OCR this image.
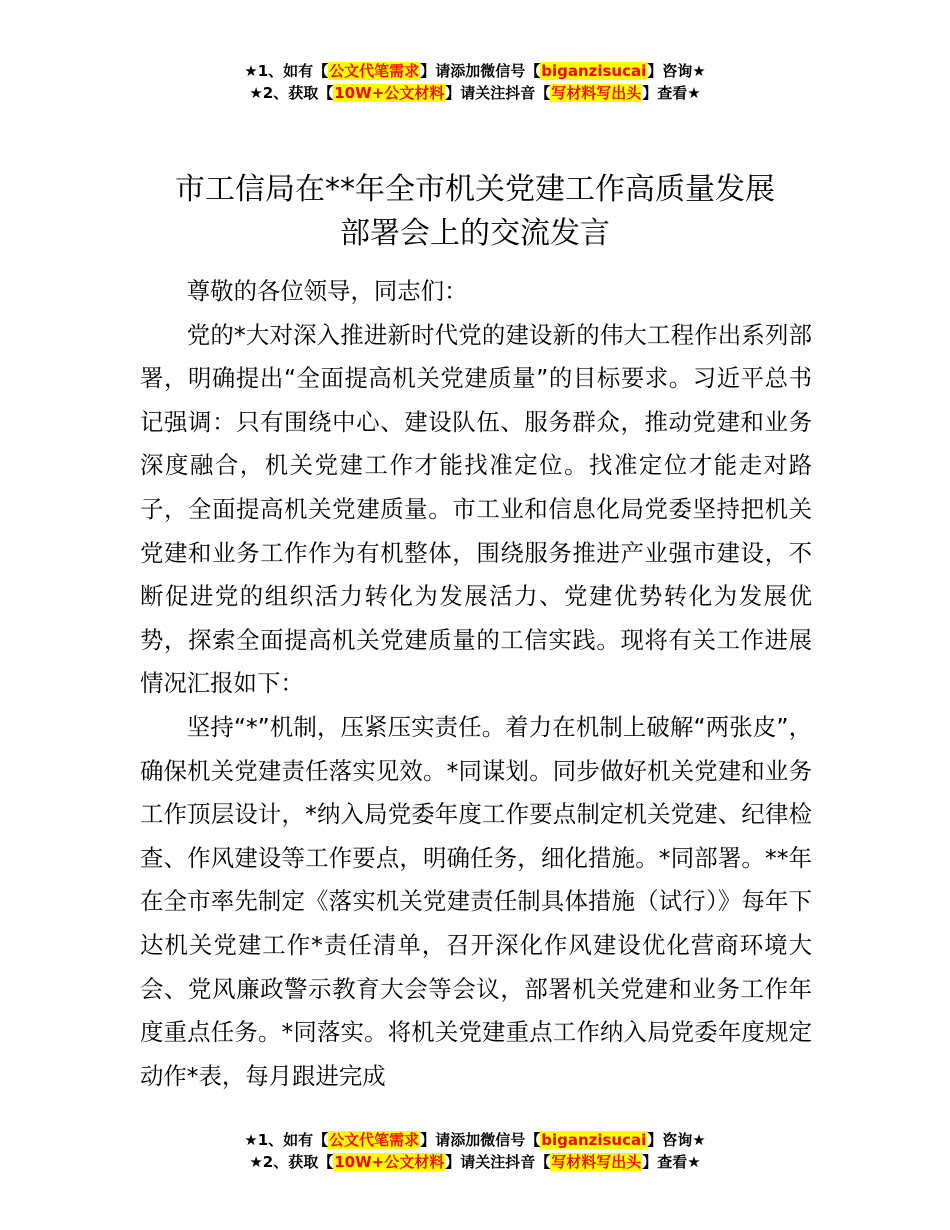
★1、如有【公文代笔需求】请添加微信号【biganzisucai】咨询★
★2、获取【10W+公文材料】请关注抖音【写材料写出头】查看★
市工信局在**年全市机关党建工作高质量发展
部署会上的交流发言

尊敬的各位领导，同志们：

党的*大对深入推进新时代党的建设新的伟大工程作出系列部署，明确提出“全面提高机关党建质量”的目标要求。习近平总书记强调：只有围绕中心、建设队伍、服务群众，推动党建和业务深度融合，机关党建工作才能找准定位。找准定位才能走对路子，全面提高机关党建质量。市工业和信息化局党委坚持把机关党建和业务工作作为有机整体，围绕服务推进产业强市建设，不断促进党的组织活力转化为发展活力、党建优势转化为发展优势，探索全面提高机关党建质量的工信实践。现将有关工作进展情况汇报如下：

坚持“*”机制，压紧压实责任。着力在机制上破解“两张皮”，确保机关党建责任落实见效。*同谋划。同步做好机关党建和业务工作顶层设计，*纳入局党委年度工作要点制定机关党建、纪律检查、作风建设等工作要点，明确任务，细化措施。*同部署。**年在全市率先制定《落实机关党建责任制具体措施（试行）》每年下达机关党建工作*责任清单，召开深化作风建设优化营商环境大会、党风廉政警示教育大会等会议，部署机关党建和业务工作年度重点任务。*同落实。将机关党建重点工作纳入局党委年度规定动作*表，每月跟进完成

★1、如有【公文代笔需求】请添加微信号【biganzisucai】咨询★
★2、获取【10W+公文材料】请关注抖音【写材料写出头】查看★
